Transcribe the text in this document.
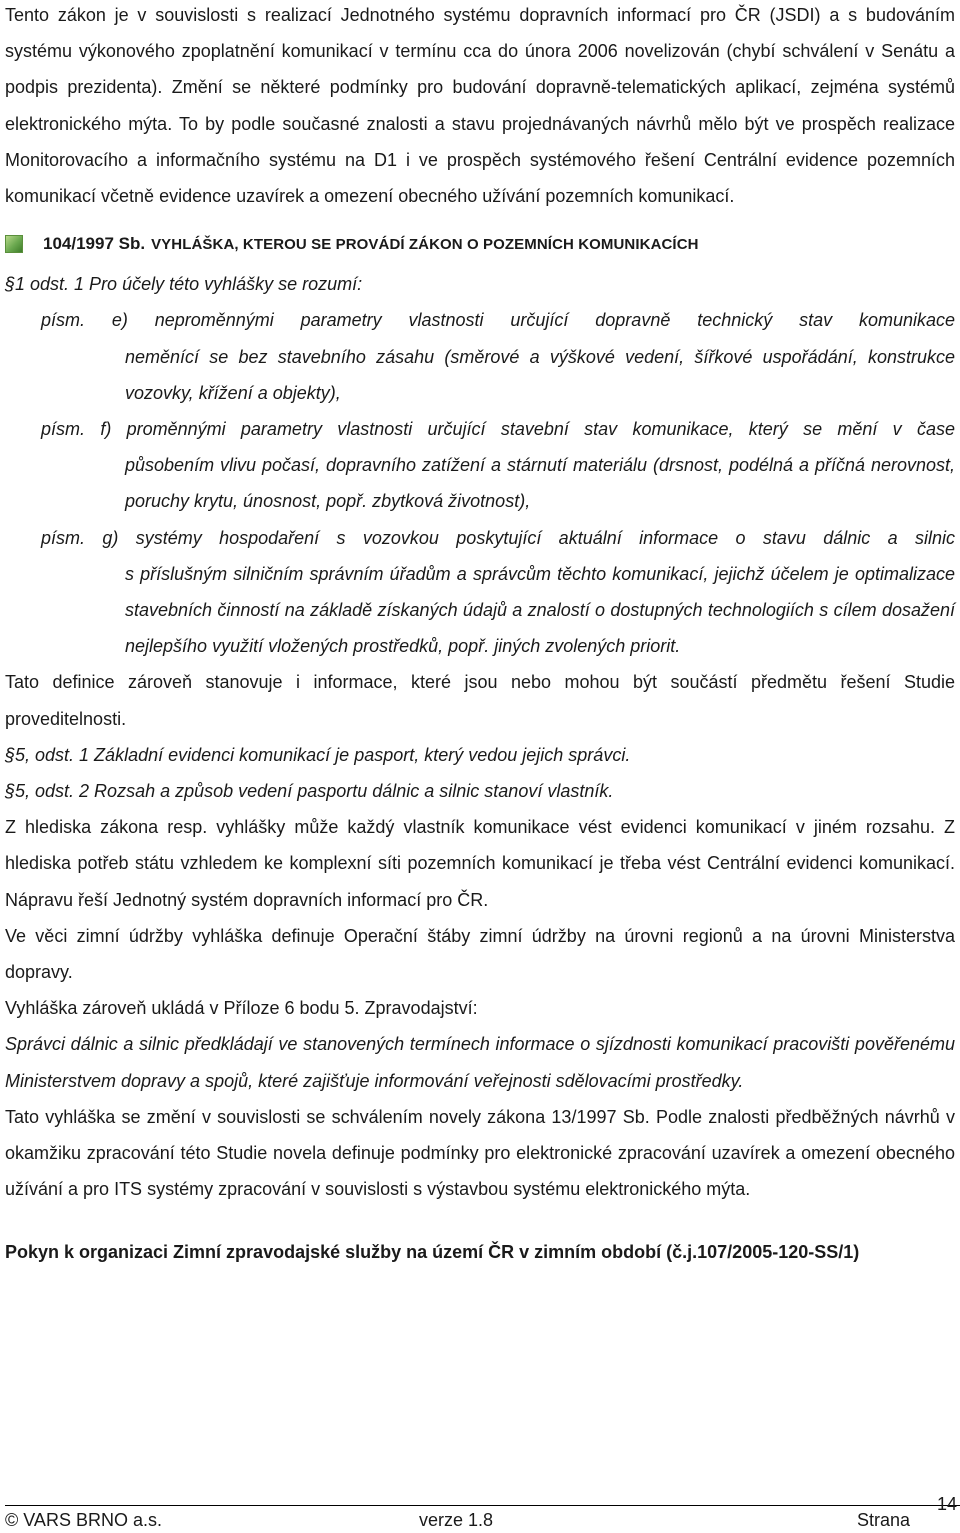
Tento zákon je v souvislosti s realizací Jednotného systému dopravních informací pro ČR (JSDI) a s budováním systému výkonového zpoplatnění komunikací v termínu cca do února 2006 novelizován (chybí schválení v Senátu a podpis prezidenta). Změní se některé podmínky pro budování dopravně-telematických aplikací, zejména systémů elektronického mýta. To by podle současné znalosti a stavu projednávaných návrhů mělo být ve prospěch realizace Monitorovacího a informačního systému na D1 i ve prospěch systémového řešení Centrální evidence pozemních komunikací včetně evidence uzavírek a omezení obecného užívání pozemních komunikací.

104/1997 Sb. VYHLÁŠKA, KTEROU SE PROVÁDÍ ZÁKON O POZEMNÍCH KOMUNIKACÍCH

§1 odst. 1 Pro účely této vyhlášky se rozumí:

písm. e) neproměnnými parametry vlastnosti určující dopravně technický stav komunikace
neměnící se bez stavebního zásahu (směrové a výškové vedení, šířkové uspořádání, konstrukce vozovky, křížení a objekty),
písm. f) proměnnými parametry vlastnosti určující stavební stav komunikace, který se mění v čase
působením vlivu počasí, dopravního zatížení a stárnutí materiálu (drsnost, podélná a příčná nerovnost, poruchy krytu, únosnost, popř. zbytková životnost),
písm. g) systémy hospodaření s vozovkou poskytující aktuální informace o stavu dálnic a silnic
s příslušným silničním správním úřadům a správcům těchto komunikací, jejichž účelem je optimalizace stavebních činností na základě získaných údajů a znalostí o dostupných technologiích s cílem dosažení nejlepšího využití vložených prostředků, popř. jiných zvolených priorit.

Tato definice zároveň stanovuje i informace, které jsou nebo mohou být součástí předmětu řešení Studie proveditelnosti.

§5, odst. 1 Základní evidenci komunikací je pasport, který vedou jejich správci.

§5, odst. 2 Rozsah a způsob vedení pasportu dálnic a silnic stanoví vlastník.

Z hlediska zákona resp. vyhlášky může každý vlastník komunikace vést evidenci komunikací v jiném rozsahu. Z hlediska potřeb státu vzhledem ke komplexní síti pozemních komunikací je třeba vést Centrální evidenci komunikací. Nápravu řeší Jednotný systém dopravních informací pro ČR.

Ve věci zimní údržby vyhláška definuje Operační štáby zimní údržby na úrovni regionů a na úrovni Ministerstva dopravy.

Vyhláška zároveň ukládá v Příloze 6 bodu 5. Zpravodajství:

Správci dálnic a silnic předkládají ve stanovených termínech informace o sjízdnosti komunikací pracovišti pověřenému Ministerstvem dopravy a spojů, které zajišťuje informování veřejnosti sdělovacími prostředky.

Tato vyhláška se změní v souvislosti se schválením novely zákona 13/1997 Sb. Podle znalosti předběžných návrhů v okamžiku zpracování této Studie novela definuje podmínky pro elektronické zpracování uzavírek a omezení obecného užívání a pro ITS systémy zpracování v souvislosti s výstavbou systému elektronického mýta.

Pokyn k organizaci Zimní zpravodajské služby na území ČR v zimním období (č.j.107/2005-120-SS/1)

© VARS BRNO a.s.	verze 1.8	Strana
14
